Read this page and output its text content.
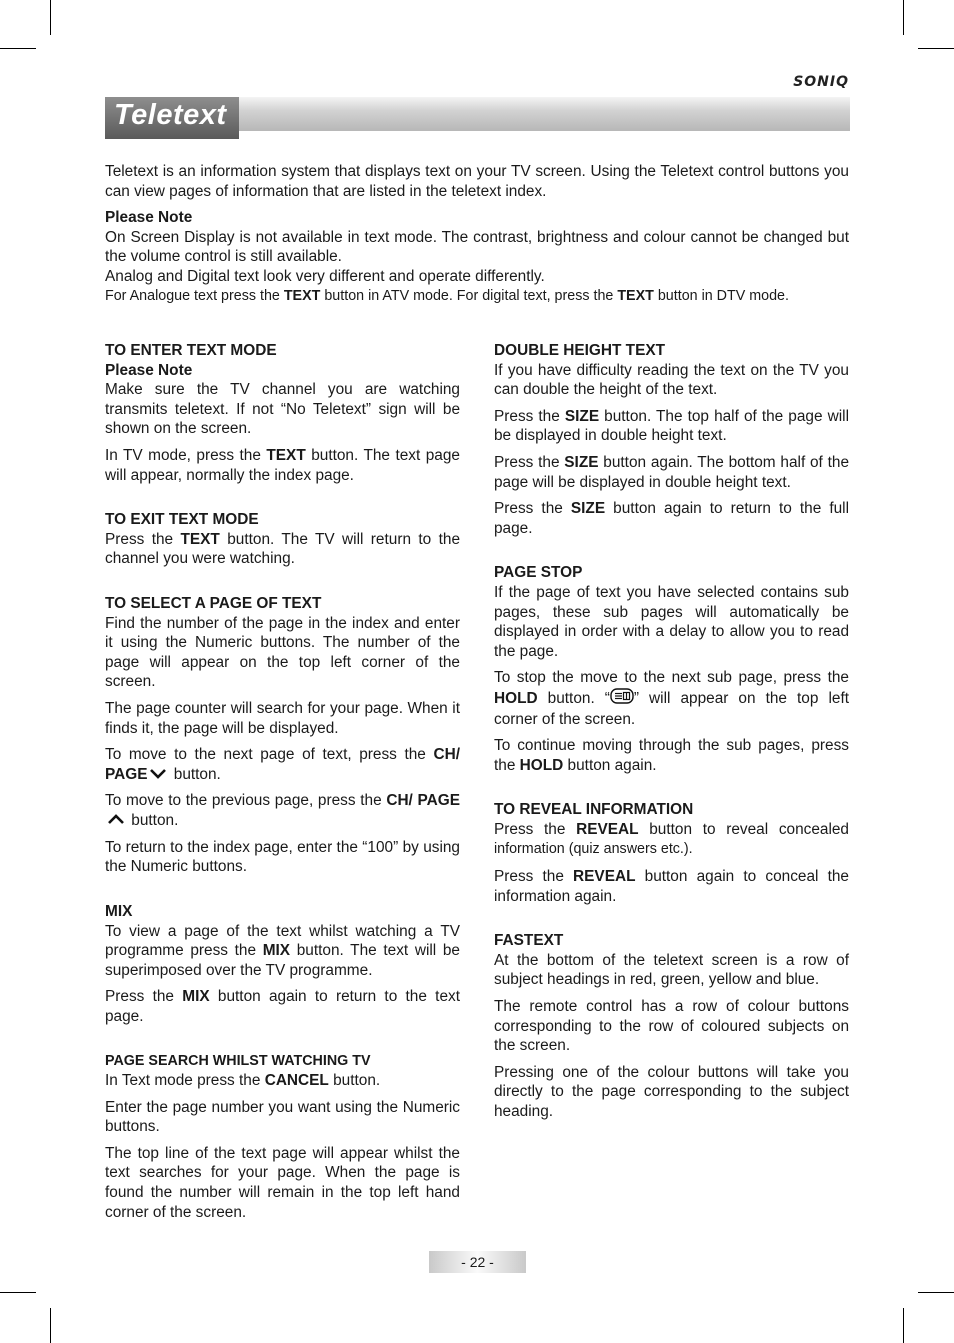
SONIQ
Teletext

Teletext is an information system that displays text on your TV screen. Using the Teletext control buttons you can view pages of information that are listed in the teletext index.

Please Note

On Screen Display is not available in text mode. The contrast, brightness and colour cannot be changed but the volume control is still available.

Analog and Digital text look very different and operate differently.

For Analogue text press the TEXT button in ATV mode. For digital text, press the TEXT button in DTV mode.

TO ENTER TEXT MODE
Please Note

Make sure the TV channel you are watching transmits teletext. If not “No Teletext” sign will be shown on the screen.

In TV mode, press the TEXT button. The text page will appear, normally the index page.

TO EXIT TEXT MODE

Press the TEXT button. The TV will return to the channel you were watching.

TO SELECT A PAGE OF TEXT

Find the number of the page in the index and enter it using the Numeric buttons. The number of the page will appear on the top left corner of the screen.

The page counter will search for your page. When it finds it, the page will be displayed.

To move to the next page of text, press the CH/ PAGE button.

To move to the previous page, press the CH/ PAGE button.

To return to the index page, enter the “100” by using the Numeric buttons.

MIX

To view a page of the text whilst watching a TV programme press the MIX button. The text will be superimposed over the TV programme.

Press the MIX button again to return to the text page.

PAGE SEARCH WHILST WATCHING TV

In Text mode press the CANCEL button.

Enter the page number you want using the Numeric buttons.

The top line of the text page will appear whilst the text searches for your page. When the page is found the number will remain in the top left hand corner of the screen.

DOUBLE HEIGHT TEXT

If you have difficulty reading the text on the TV you can double the height of the text.

Press the SIZE button. The top half of the page will be displayed in double height text.

Press the SIZE button again. The bottom half of the page will be displayed in double height text.

Press the SIZE button again to return to the full page.

PAGE STOP

If the page of text you have selected contains sub pages, these sub pages will automatically be displayed in order with a delay to allow you to read the page.

To stop the move to the next sub page, press the HOLD button. “ ” will appear on the top left corner of the screen.

To continue moving through the sub pages, press the HOLD button again.

TO REVEAL INFORMATION

Press the REVEAL button to reveal concealed information (quiz answers etc.).

Press the REVEAL button again to conceal the information again.

FASTEXT

At the bottom of the teletext screen is a row of subject headings in red, green, yellow and blue.

The remote control has a row of colour buttons corresponding to the row of coloured subjects on the screen.

Pressing one of the colour buttons will take you directly to the page corresponding to the subject heading.

- 22 -
